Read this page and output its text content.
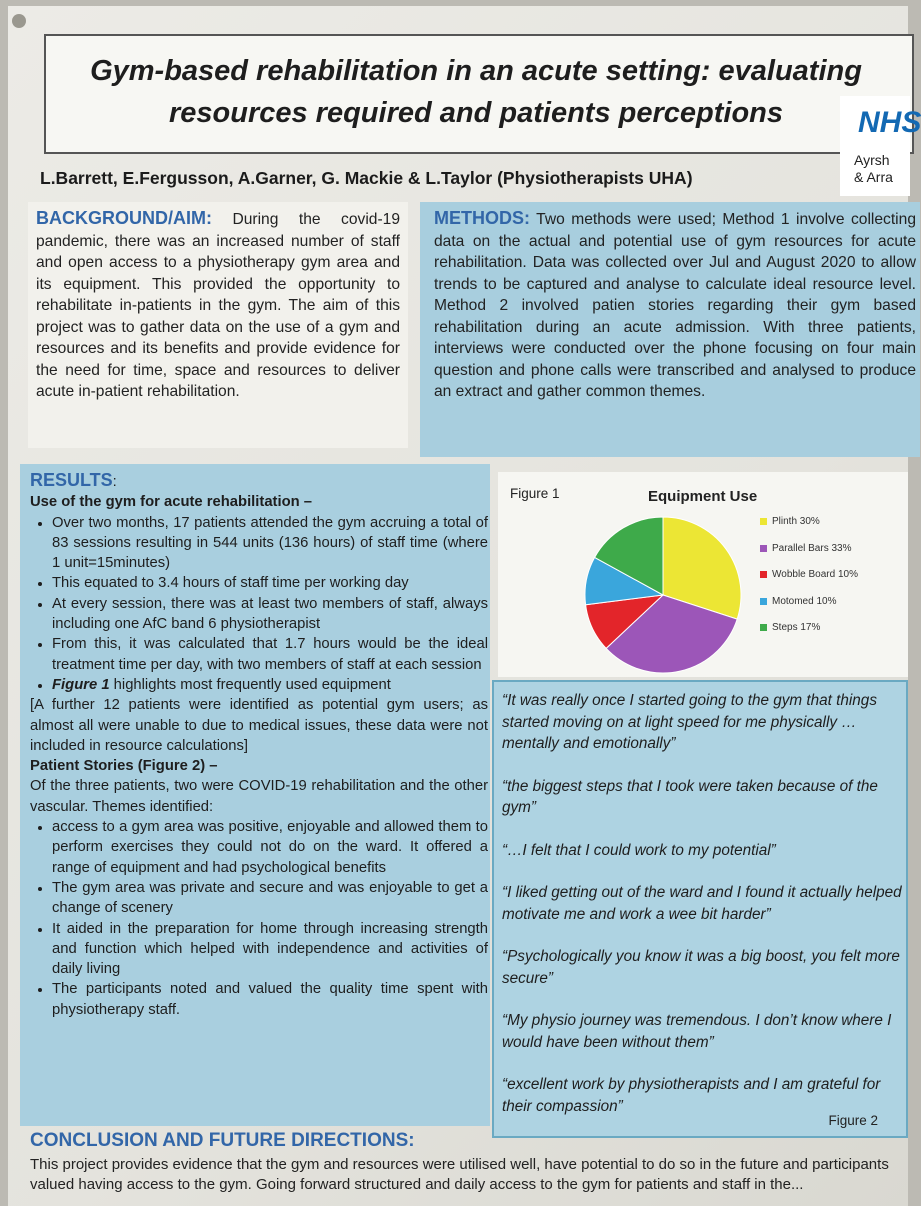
Gym-based rehabilitation in an acute setting: evaluating resources required and patients perceptions	NHS
Ayrsh
& Arra
L.Barrett, E.Fergusson, A.Garner, G. Mackie & L.Taylor (Physiotherapists UHA)
BACKGROUND/AIM: During the covid-19 pandemic, there was an increased number of staff and open access to a physiotherapy gym area and its equipment. This provided the opportunity to rehabilitate in-patients in the gym. The aim of this project was to gather data on the use of a gym and resources and its benefits and provide evidence for the need for time, space and resources to deliver acute in-patient rehabilitation.
METHODS: Two methods were used; Method 1 involve collecting data on the actual and potential use of gym resources for acute rehabilitation. Data was collected over Jul and August 2020 to allow trends to be captured and analyse to calculate ideal resource level. Method 2 involved patien stories regarding their gym based rehabilitation during an acute admission. With three patients, interviews were conducted over the phone focusing on four main question and phone calls were transcribed and analysed to produce an extract and gather common themes.
RESULTS:
Use of the gym for acute rehabilitation –
• Over two months, 17 patients attended the gym accruing a total of 83 sessions resulting in 544 units (136 hours) of staff time (where 1 unit=15minutes)
• This equated to 3.4 hours of staff time per working day
• At every session, there was at least two members of staff, always including one AfC band 6 physiotherapist
• From this, it was calculated that 1.7 hours would be the ideal treatment time per day, with two members of staff at each session
• Figure 1 highlights most frequently used equipment
[A further 12 patients were identified as potential gym users; as almost all were unable to due to medical issues, these data were not included in resource calculations]
Patient Stories (Figure 2) –
Of the three patients, two were COVID-19 rehabilitation and the other vascular. Themes identified:
• access to a gym area was positive, enjoyable and allowed them to perform exercises they could not do on the ward. It offered a range of equipment and had psychological benefits
• The gym area was private and secure and was enjoyable to get a change of scenery
• It aided in the preparation for home through increasing strength and function which helped with independence and activities of daily living
• The participants noted and valued the quality time spent with physiotherapy staff.
Figure 1	Equipment Use
Plinth 30%
Parallel Bars 33%
Wobble Board 10%
Motomed 10%
Steps 17%
“It was really once I started going to the gym that things started moving on at light speed for me physically …mentally and emotionally”
“the biggest steps that I took were taken because of the gym”
“…I felt that I could work to my potential”
“I liked getting out of the ward and I found it actually helped motivate me and work a wee bit harder”
“Psychologically you know it was a big boost, you felt more secure”
“My physio journey was tremendous. I don’t know where I would have been without them”
“excellent work by physiotherapists and I am grateful for their compassion”
Figure 2
CONCLUSION AND FUTURE DIRECTIONS:
This project provides evidence that the gym and resources were utilised well, have potential to do so in the future and participants valued having access to the gym. Going forward structured and daily access to the gym for patients and staff in the...
